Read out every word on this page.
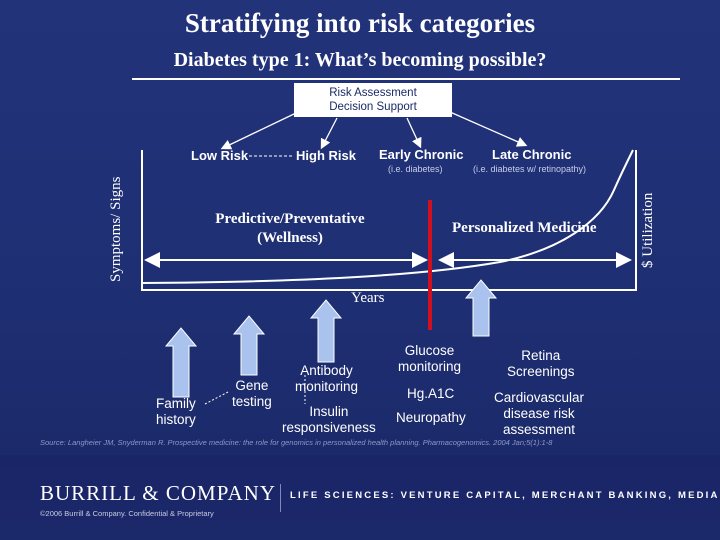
Stratifying into risk categories
Diabetes type 1: What’s becoming possible?
Risk Assessment
Decision Support
Low Risk	High Risk Early Chronic
(i.e. diabetes)
Late Chronic
(i.e. diabetes w/ retinopathy)
Symptoms/ Signs	$ Utilization
Years
Predictive/Preventative
(Wellness)
Personalized Medicine
Family
history
Gene
testing
Antibody
monitoring
Insulin
responsiveness
Glucose
monitoring
Hg.A1C
Neuropathy
Retina
Screenings
Cardiovascular
disease risk
assessment
Source: Langheier JM, Snyderman R. Prospective medicine: the role for genomics in personalized health planning. Pharmacogenomics. 2004 Jan;5(1):1-8
BURRILL & COMPANY LIFE SCIENCES: VENTURE CAPITAL, MERCHANT BANKING, MEDIA
©2006 Burrill & Company. Confidential & Proprietary
